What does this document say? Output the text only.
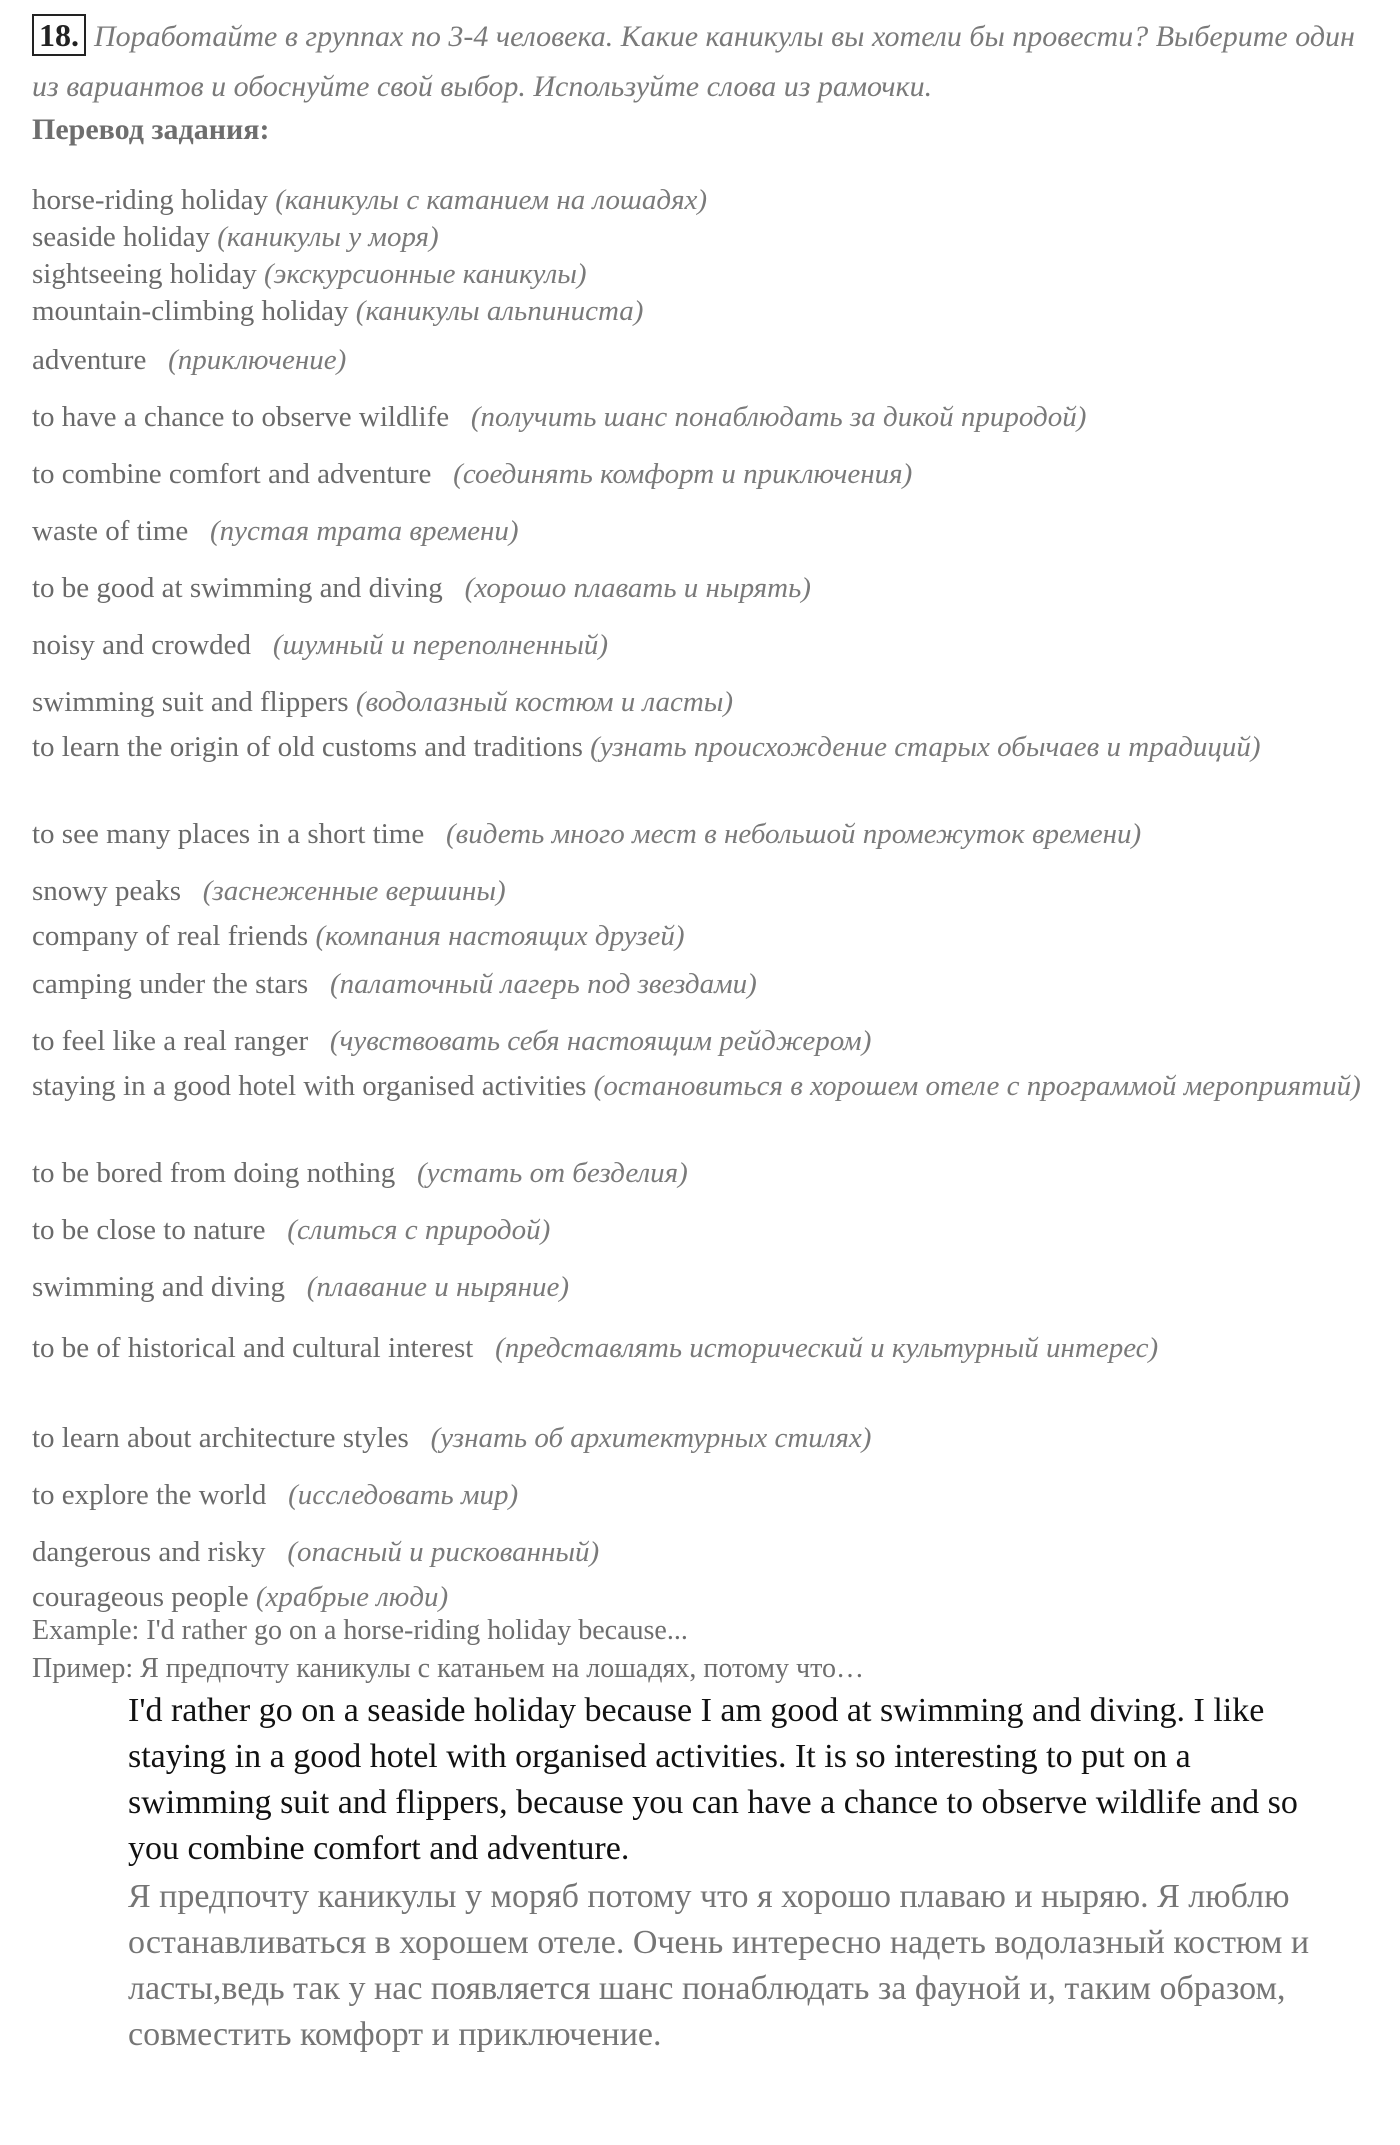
18. Поработайте в группах по 3-4 человека. Какие каникулы вы хотели бы провести? Выберите один из вариантов и обоснуйте свой выбор. Используйте слова из рамочки.
Перевод задания:
horse-riding holiday (каникулы с катанием на лошадях)
seaside holiday (каникулы у моря)
sightseeing holiday (экскурсионные каникулы)
mountain-climbing holiday (каникулы альпиниста)
adventure (приключение)
to have a chance to observe wildlife (получить шанс понаблюдать за дикой природой)
to combine comfort and adventure (соединять комфорт и приключения)
waste of time (пустая трата времени)
to be good at swimming and diving (хорошо плавать и нырять)
noisy and crowded (шумный и переполненный)
swimming suit and flippers (водолазный костюм и ласты)
to learn the origin of old customs and traditions (узнать происхождение старых обычаев и традиций)
to see many places in a short time (видеть много мест в небольшой промежуток времени)
snowy peaks (заснеженные вершины)
company of real friends (компания настоящих друзей)
camping under the stars (палаточный лагерь под звездами)
to feel like a real ranger (чувствовать себя настоящим рейджером)
staying in a good hotel with organised activities (остановиться в хорошем отеле с программой мероприятий)
to be bored from doing nothing (устать от безделия)
to be close to nature (слиться с природой)
swimming and diving (плавание и ныряние)
to be of historical and cultural interest (представлять исторический и культурный интерес)
to learn about architecture styles (узнать об архитектурных стилях)
to explore the world (исследовать мир)
dangerous and risky (опасный и рискованный)
courageous people (храбрые люди)
Example: I'd rather go on a horse-riding holiday because...
Пример: Я предпочту каникулы с катаньем на лошадях, потому что…
I'd rather go on a seaside holiday because I am good at swimming and diving. I like staying in a good hotel with organised activities. It is so interesting to put on a swimming suit and flippers, because you can have a chance to observe wildlife and so you combine comfort and adventure.
Я предпочту каникулы у моряб потому что я хорошо плаваю и ныряю. Я люблю останавливаться в хорошем отеле. Очень интересно надеть водолазный костюм и ласты,ведь так у нас появляется шанс понаблюдать за фауной и, таким образом, совместить комфорт и приключение.
